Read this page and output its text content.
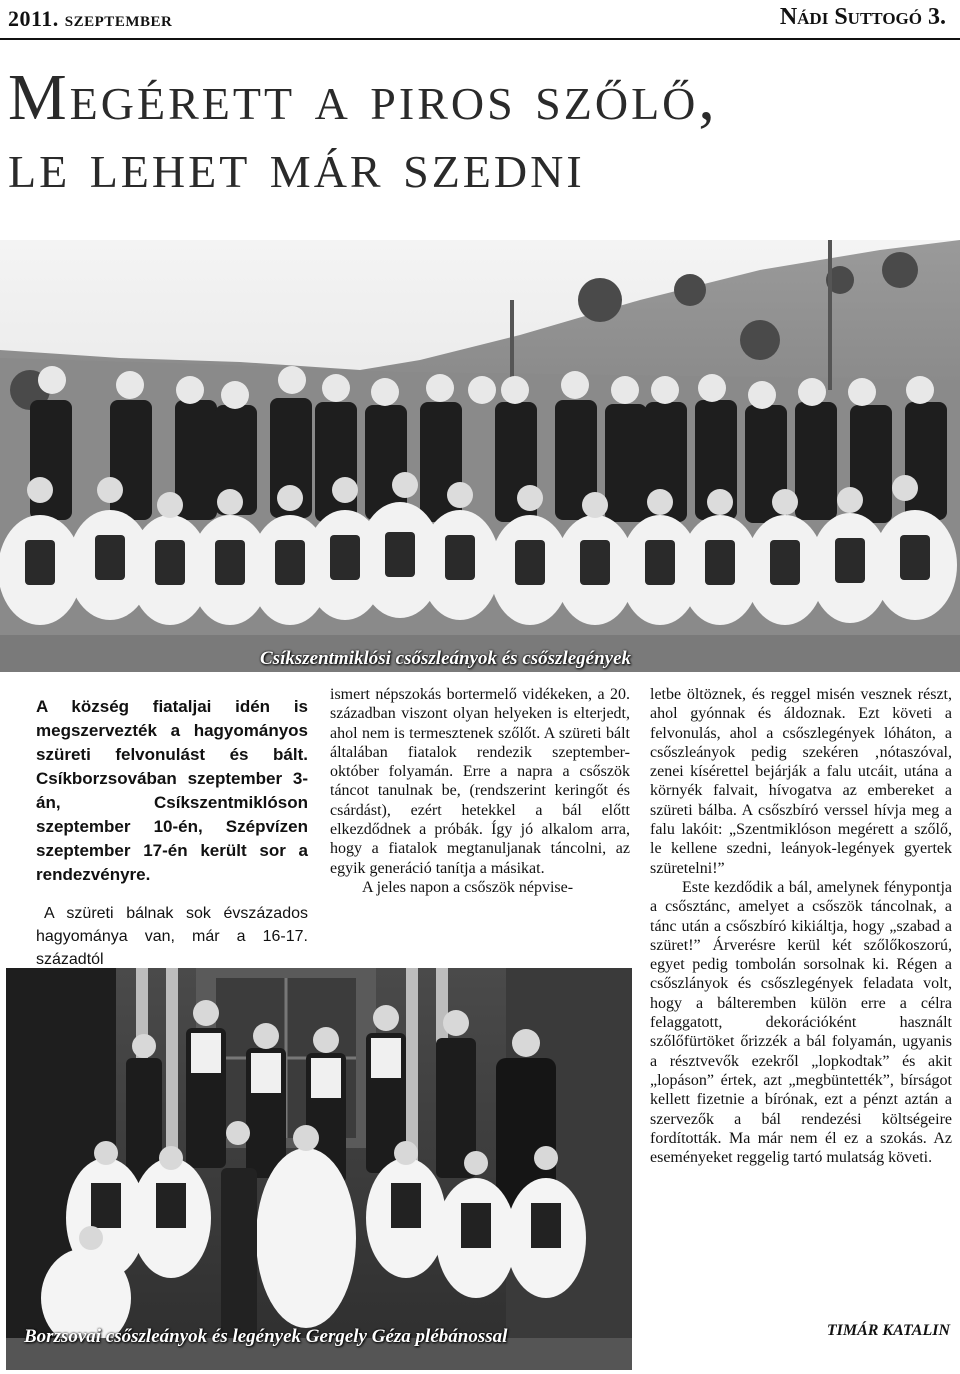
2011. szeptember	Nádi Suttogó 3.
Megérett a piros szőlő,
le lehet már szedni
Csíkszentmiklósi csőszleányok és csőszlegények
A község fiataljai idén is megszervezték a hagyományos szüreti felvonulást és bált. Csíkborzsovában szeptember 3-án, Csíkszentmiklóson szeptember 10-én, Szépvízen szeptember 17-én került sor a rendezvényre.
A szüreti bálnak sok évszázados hagyománya van, már a 16-17. századtól

ismert népszokás bortermelő vidékeken, a 20. században viszont olyan helyeken is elterjedt, ahol nem is termesztenek szőlőt. A szüreti bált általában fiatalok rendezik szeptember-október folyamán. Erre a napra a csőszök táncot tanulnak be, (rendszerint keringőt és csárdást), ezért hetekkel a bál előtt elkezdődnek a próbák. Így jó alkalom arra, hogy a fiatalok megtanuljanak táncolni, az egyik generáció tanítja a másikat.

A jeles napon a csőszök népvise-

letbe öltöznek, és reggel misén vesznek részt, ahol gyónnak és áldoznak. Ezt követi a felvonulás, ahol a csőszlegények lóháton, a csőszleányok pedig szekéren ‚nótaszóval, zenei kísérettel bejárják a falu utcáit, utána a környék falvait, hívogatva az embereket a szüreti bálba. A csőszbíró verssel hívja meg a falu lakóit: „Szentmiklóson megérett a szőlő, le kellene szedni, leányok-legények gyertek szüretelni!”

Este kezdődik a bál, amelynek fénypontja a csősztánc, amelyet a csőszök táncolnak, a tánc után a csőszbíró kikiáltja, hogy „szabad a szüret!” Árverésre kerül két szőlőkoszorú, egyet pedig tombolán sorsolnak ki. Régen a csőszlányok és csőszlegények feladata volt, hogy a bálteremben külön erre a célra felaggatott, dekorációként használt szőlőfürtöket őrizzék a bál folyamán, ugyanis a résztvevők ezekről „lopkodtak” és akit „lopáson” értek, azt „megbüntették”, bírságot kellett fizetnie a bírónak, ezt a pénzt aztán a szervezők a bál rendezési költségeire fordították. Ma már nem él ez a szokás. Az eseményeket reggelig tartó mulatság követi.

TIMÁR KATALIN
Borzsovai csőszleányok és legények Gergely Géza plébánossal
